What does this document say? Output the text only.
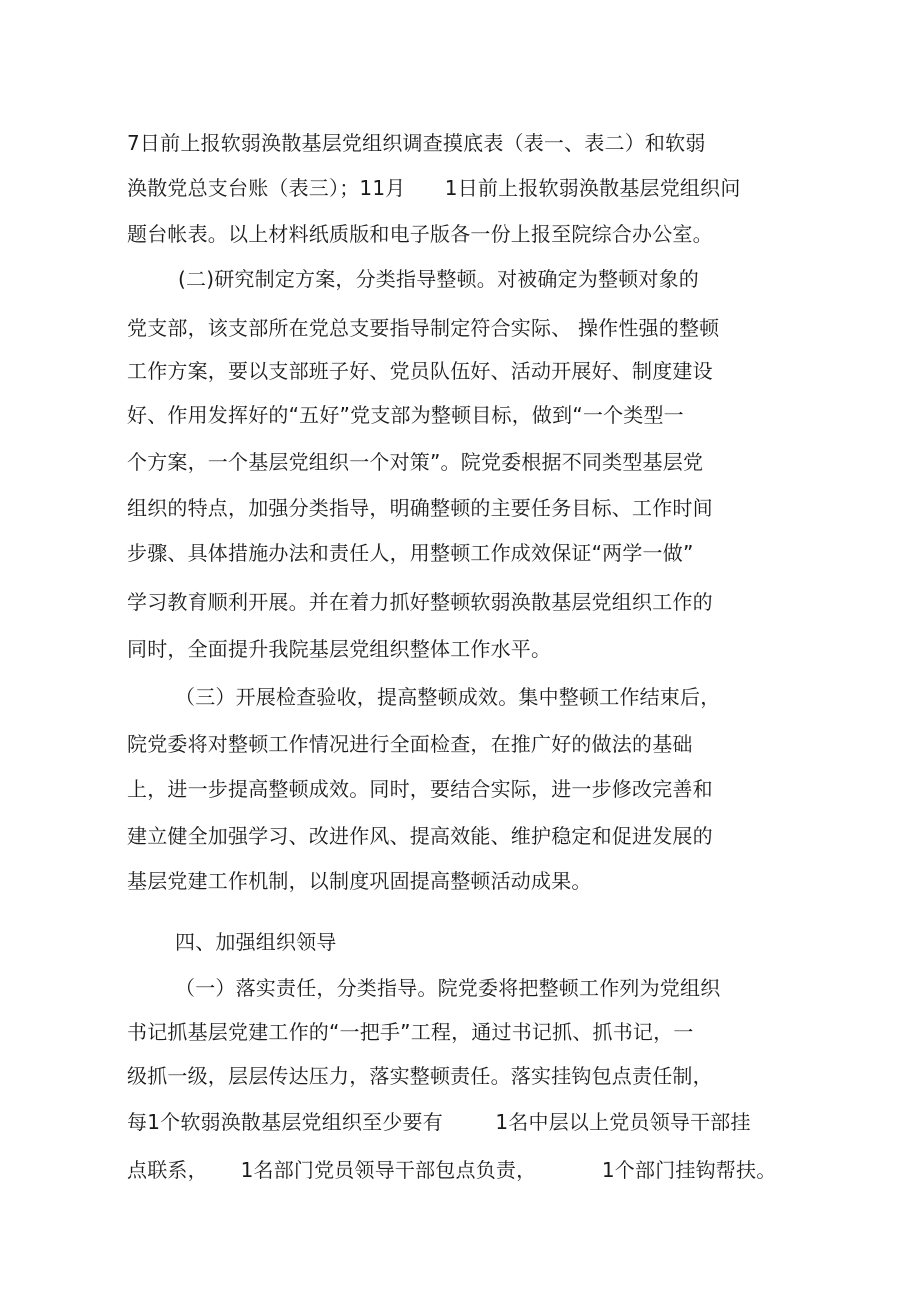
7日前上报软弱涣散基层党组织调查摸底表（表一、表二）和软弱

涣散党总支台账（表三）；11月      1日前上报软弱涣散基层党组织问

题台帐表。以上材料纸质版和电子版各一份上报至院综合办公室。

(二)研究制定方案，分类指导整顿。对被确定为整顿对象的

党支部，该支部所在党总支要指导制定符合实际、 操作性强的整顿

工作方案，要以支部班子好、党员队伍好、活动开展好、制度建设

好、作用发挥好的“五好”党支部为整顿目标，做到“一个类型一

个方案，一个基层党组织一个对策”。院党委根据不同类型基层党

组织的特点，加强分类指导，明确整顿的主要任务目标、工作时间

步骤、具体措施办法和责任人，用整顿工作成效保证“两学一做”

学习教育顺利开展。并在着力抓好整顿软弱涣散基层党组织工作的

同时，全面提升我院基层党组织整体工作水平。

（三）开展检查验收，提高整顿成效。集中整顿工作结束后，

院党委将对整顿工作情况进行全面检查，在推广好的做法的基础

上，进一步提高整顿成效。同时，要结合实际，进一步修改完善和

建立健全加强学习、改进作风、提高效能、维护稳定和促进发展的

基层党建工作机制，以制度巩固提高整顿活动成果。

四、加强组织领导

（一）落实责任，分类指导。院党委将把整顿工作列为党组织

书记抓基层党建工作的“一把手”工程，通过书记抓、抓书记，一

级抓一级，层层传达压力，落实整顿责任。落实挂钩包点责任制，

每1个软弱涣散基层党组织至少要有        1名中层以上党员领导干部挂

点联系，     1名部门党员领导干部包点负责，          1个部门挂钩帮扶。
